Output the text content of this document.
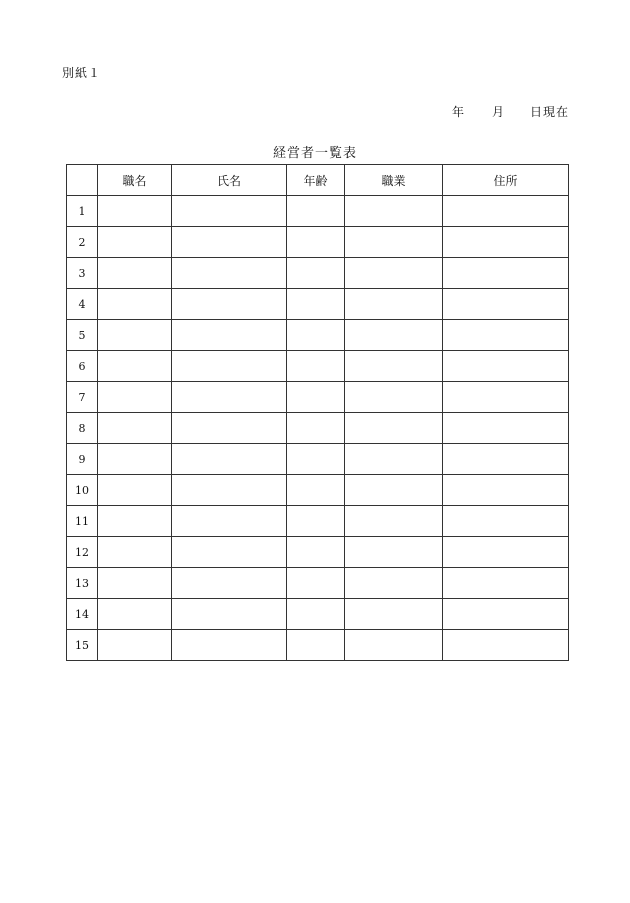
別紙１
年 月 日現在
経営者一覧表
	職名	氏名	年齢	職業	住所
1					
2					
3					
4					
5					
6					
7					
8					
9					
10					
11					
12					
13					
14					
15					
